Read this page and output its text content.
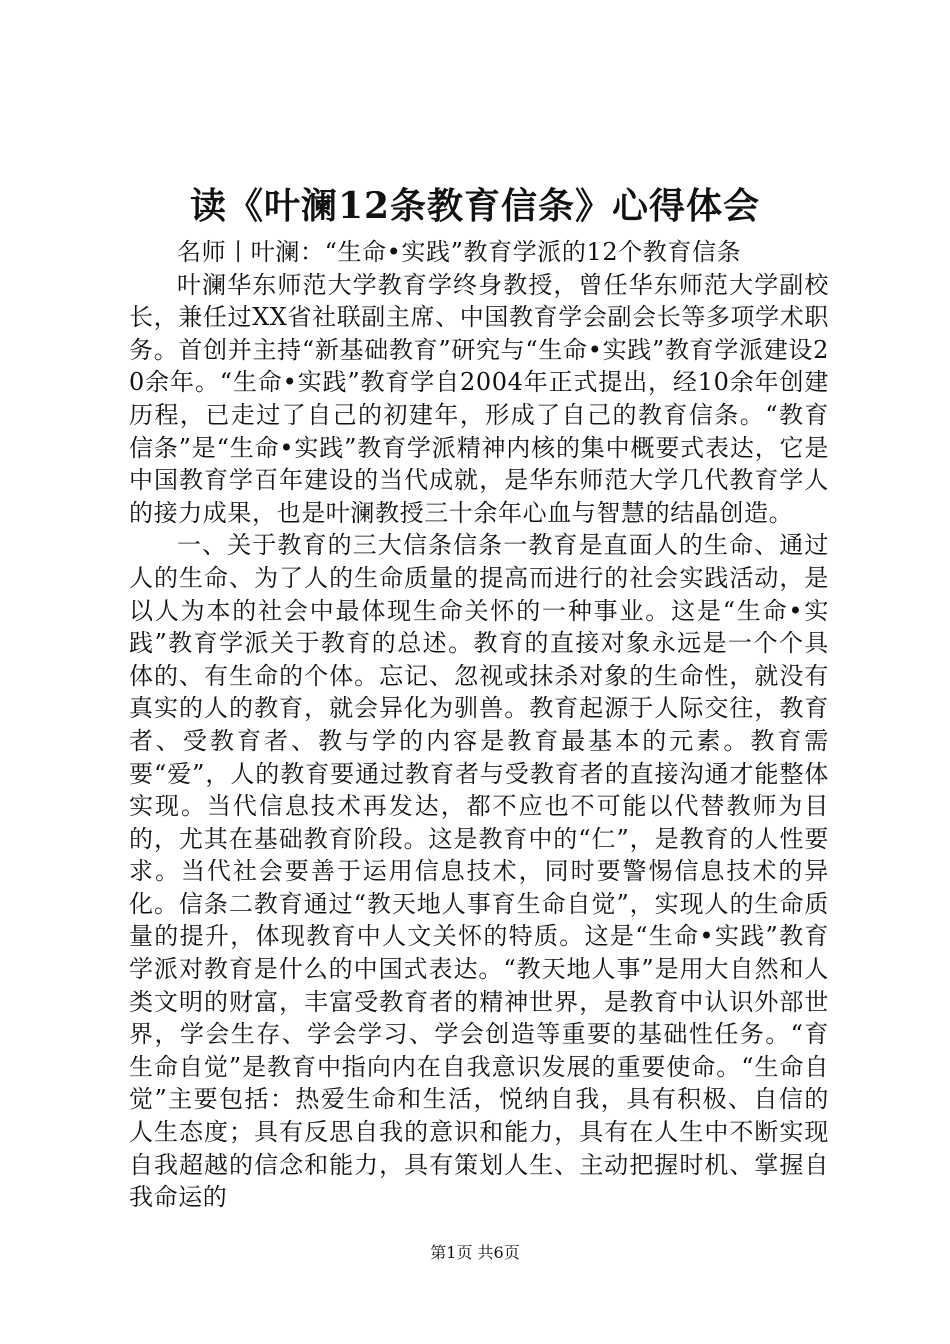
读《叶澜12条教育信条》心得体会

名师丨叶澜：“生命•实践”教育学派的12个教育信条

叶澜华东师范大学教育学终身教授，曾任华东师范大学副校长，兼任过XX省社联副主席、中国教育学会副会长等多项学术职务。首创并主持“新基础教育”研究与“生命•实践”教育学派建设20余年。“生命•实践”教育学自2004年正式提出，经10余年创建历程，已走过了自己的初建年，形成了自己的教育信条。“教育信条”是“生命•实践”教育学派精神内核的集中概要式表达，它是中国教育学百年建设的当代成就，是华东师范大学几代教育学人的接力成果，也是叶澜教授三十余年心血与智慧的结晶创造。

一、关于教育的三大信条信条一教育是直面人的生命、通过人的生命、为了人的生命质量的提高而进行的社会实践活动，是以人为本的社会中最体现生命关怀的一种事业。这是“生命•实践”教育学派关于教育的总述。教育的直接对象永远是一个个具体的、有生命的个体。忘记、忽视或抹杀对象的生命性，就没有真实的人的教育，就会异化为驯兽。教育起源于人际交往，教育者、受教育者、教与学的内容是教育最基本的元素。教育需要“爱”，人的教育要通过教育者与受教育者的直接沟通才能整体实现。当代信息技术再发达，都不应也不可能以代替教师为目的，尤其在基础教育阶段。这是教育中的“仁”，是教育的人性要求。当代社会要善于运用信息技术，同时要警惕信息技术的异化。信条二教育通过“教天地人事育生命自觉”，实现人的生命质量的提升，体现教育中人文关怀的特质。这是“生命•实践”教育学派对教育是什么的中国式表达。“教天地人事”是用大自然和人类文明的财富，丰富受教育者的精神世界，是教育中认识外部世界，学会生存、学会学习、学会创造等重要的基础性任务。“育生命自觉”是教育中指向内在自我意识发展的重要使命。“生命自觉”主要包括：热爱生命和生活，悦纳自我，具有积极、自信的人生态度；具有反思自我的意识和能力，具有在人生中不断实现自我超越的信念和能力，具有策划人生、主动把握时机、掌握自我命运的

第1页 共6页
